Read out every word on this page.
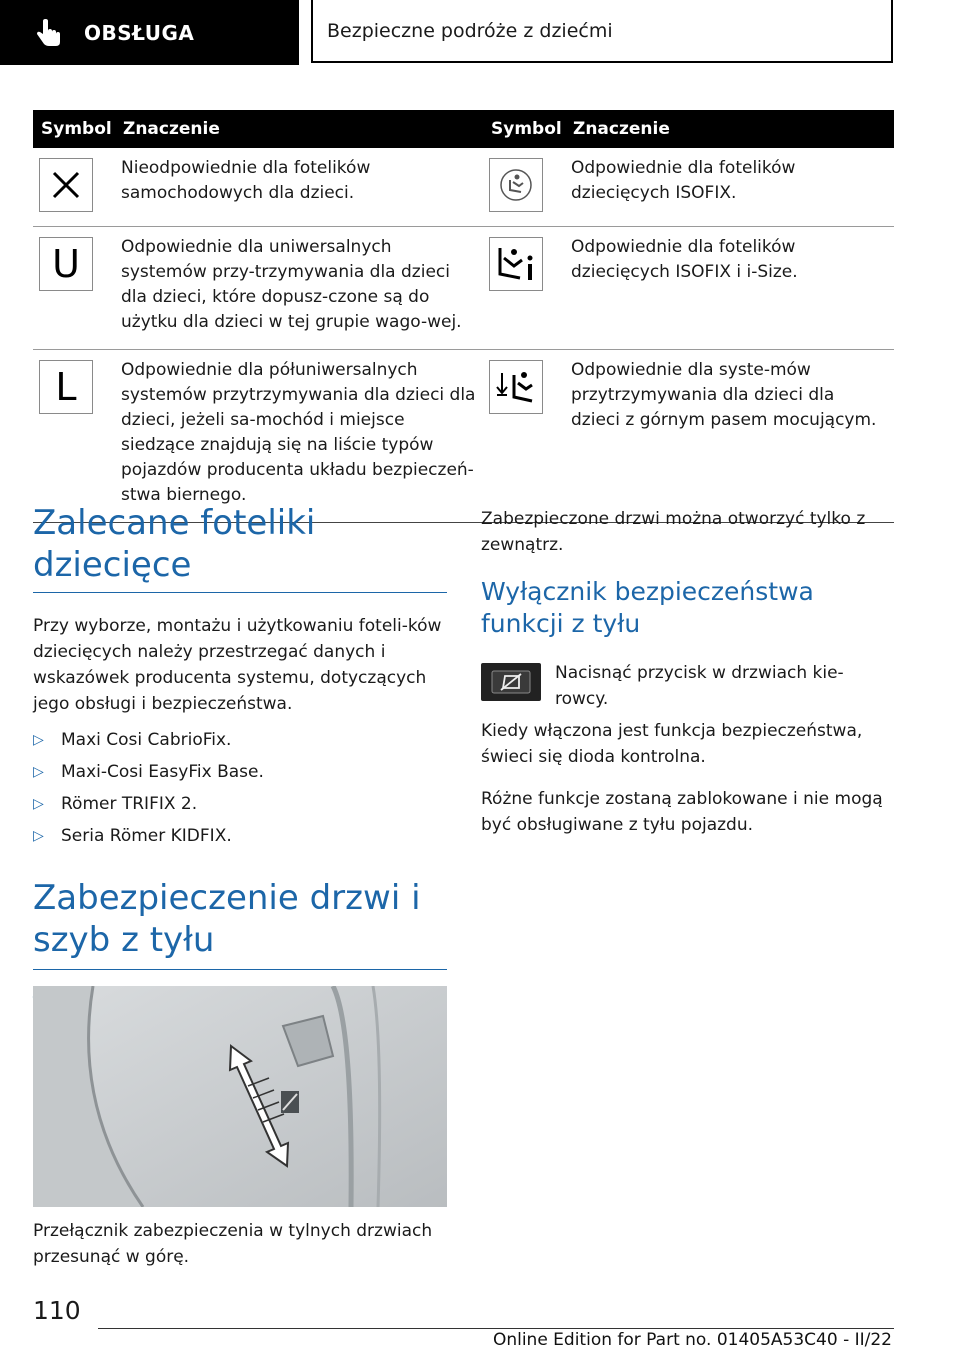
OBSŁUGA	Bezpieczne podróże z dziećmi
Symbol	Znaczenie	Symbol	Znaczenie

	Nieodpowiednie dla fotelików samochodowych dla dzieci.		Odpowiednie dla fotelików dziecięcych ISOFIX.

U	Odpowiednie dla uniwersalnych systemów przy-trzymywania dla dzieci dla dzieci, które dopusz-czone są do użytku dla dzieci w tej grupie wago-wej.		Odpowiednie dla fotelików dziecięcych ISOFIX i i-Size.

L	Odpowiednie dla półuniwersalnych systemów przytrzymywania dla dzieci dla dzieci, jeżeli sa-mochód i miejsce siedzące znajdują się na liście typów pojazdów producenta układu bezpieczeń-stwa biernego.		Odpowiednie dla syste-mów przytrzymywania dla dzieci dla dzieci z górnym pasem mocującym.
Zalecane foteliki dziecięce

Przy wyborze, montażu i użytkowaniu foteli-ków dziecięcych należy przestrzegać danych i wskazówek producenta systemu, dotyczących jego obsługi i bezpieczeństwa.

▷	Maxi Cosi CabrioFix.
▷	Maxi-Cosi EasyFix Base.
▷	Römer TRIFIX 2.
▷	Seria Römer KIDFIX.
Zabezpieczenie drzwi i szyb z tyłu

Przełącznik zabezpieczenia w tylnych drzwiach przesunąć w górę.

Zabezpieczone drzwi można otworzyć tylko z zewnątrz.

Wyłącznik bezpieczeństwa funkcji z tyłu

Nacisnąć przycisk w drzwiach kie-rowcy.

Kiedy włączona jest funkcja bezpieczeństwa, świeci się dioda kontrolna.

Różne funkcje zostaną zablokowane i nie mogą być obsługiwane z tyłu pojazdu.

110
Online Edition for Part no. 01405A53C40 - II/22
